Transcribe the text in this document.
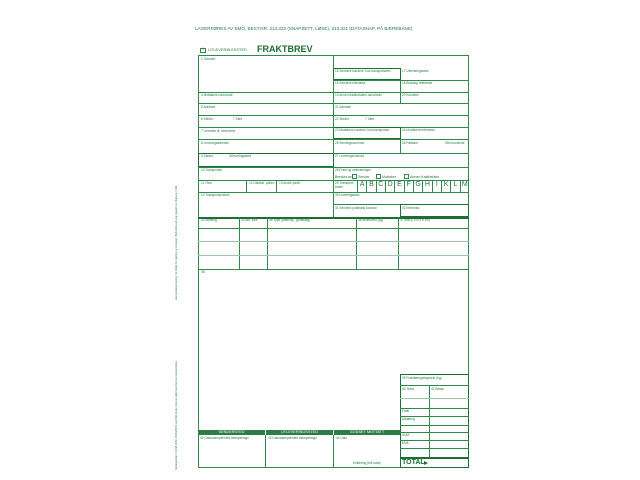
LAGERFØRES AV EMO, BEST.NR. 213.322 (SNAPSETT, LØSE), 213.321 (DATASNAP, PÅ BÆREBANE)
1 UTLEVERINGSSTED FRAKTBREV
1 Sender
15 Senders kundenr. hos transportøren	17 Utleveringssted
16 Senders referanse	18 Booking referanse
4 Mottakers navn/orde	19 Annen fraktbetalers navn/orde	20 Kundenr.
5 Adresse	21 Adresse
6 Stednr.	7 Sted	22 Stednr.	7 Sted
7 Leverete til, navn/orde	23 Mottakers kundenr. hos transportør	24 Mottakers referanse
8 Leveringsadresse	25 Sendingsnummer	26 Pallsam	Sted kontrolle
9 Stednr.	Utleveringssted	27 Leveringsinstruks
10 Transportør	28 Frakt og omkostninger
Betales av Sender	Mottaker	Annen fraktbetaler
11 Over	12 Utsekst. pallen 13 Andre paller	29 Transport-koder	A B C D E F G H I K L M
14 Transportprodukt	30 Leveringsdato
31 Senders postbank kontonr.	32 Etterkrav
33 Merking	34 Ant. kolli	35 Type (pakning - godsslag)	36 Bruttovekt (kg)	37 Mål (L x B x H m³)
38
39 Fraktberegningsvekt (kg)
40 Tekst	41 Beløp
Frakt
Utkjøring
SUM
MVA
TOTAL
SENDERSTED	UTLEVERINGSSTED	GODSET MOTTATT
42 Dato/stempel/sted stempel/sign	43 Dato/stempel/sted stempel/sign	44 Dato
Kvittering (full navn)
Ansvarsbegrensning: Se Vilkår for lagring og transport. Befordring på veg regulert av Veglova, CMR.
Retningslinjer: NSAB 2000, 30/10/2004 og EMO-kode. Kopi av vilkår kan fås hos transportøren.
